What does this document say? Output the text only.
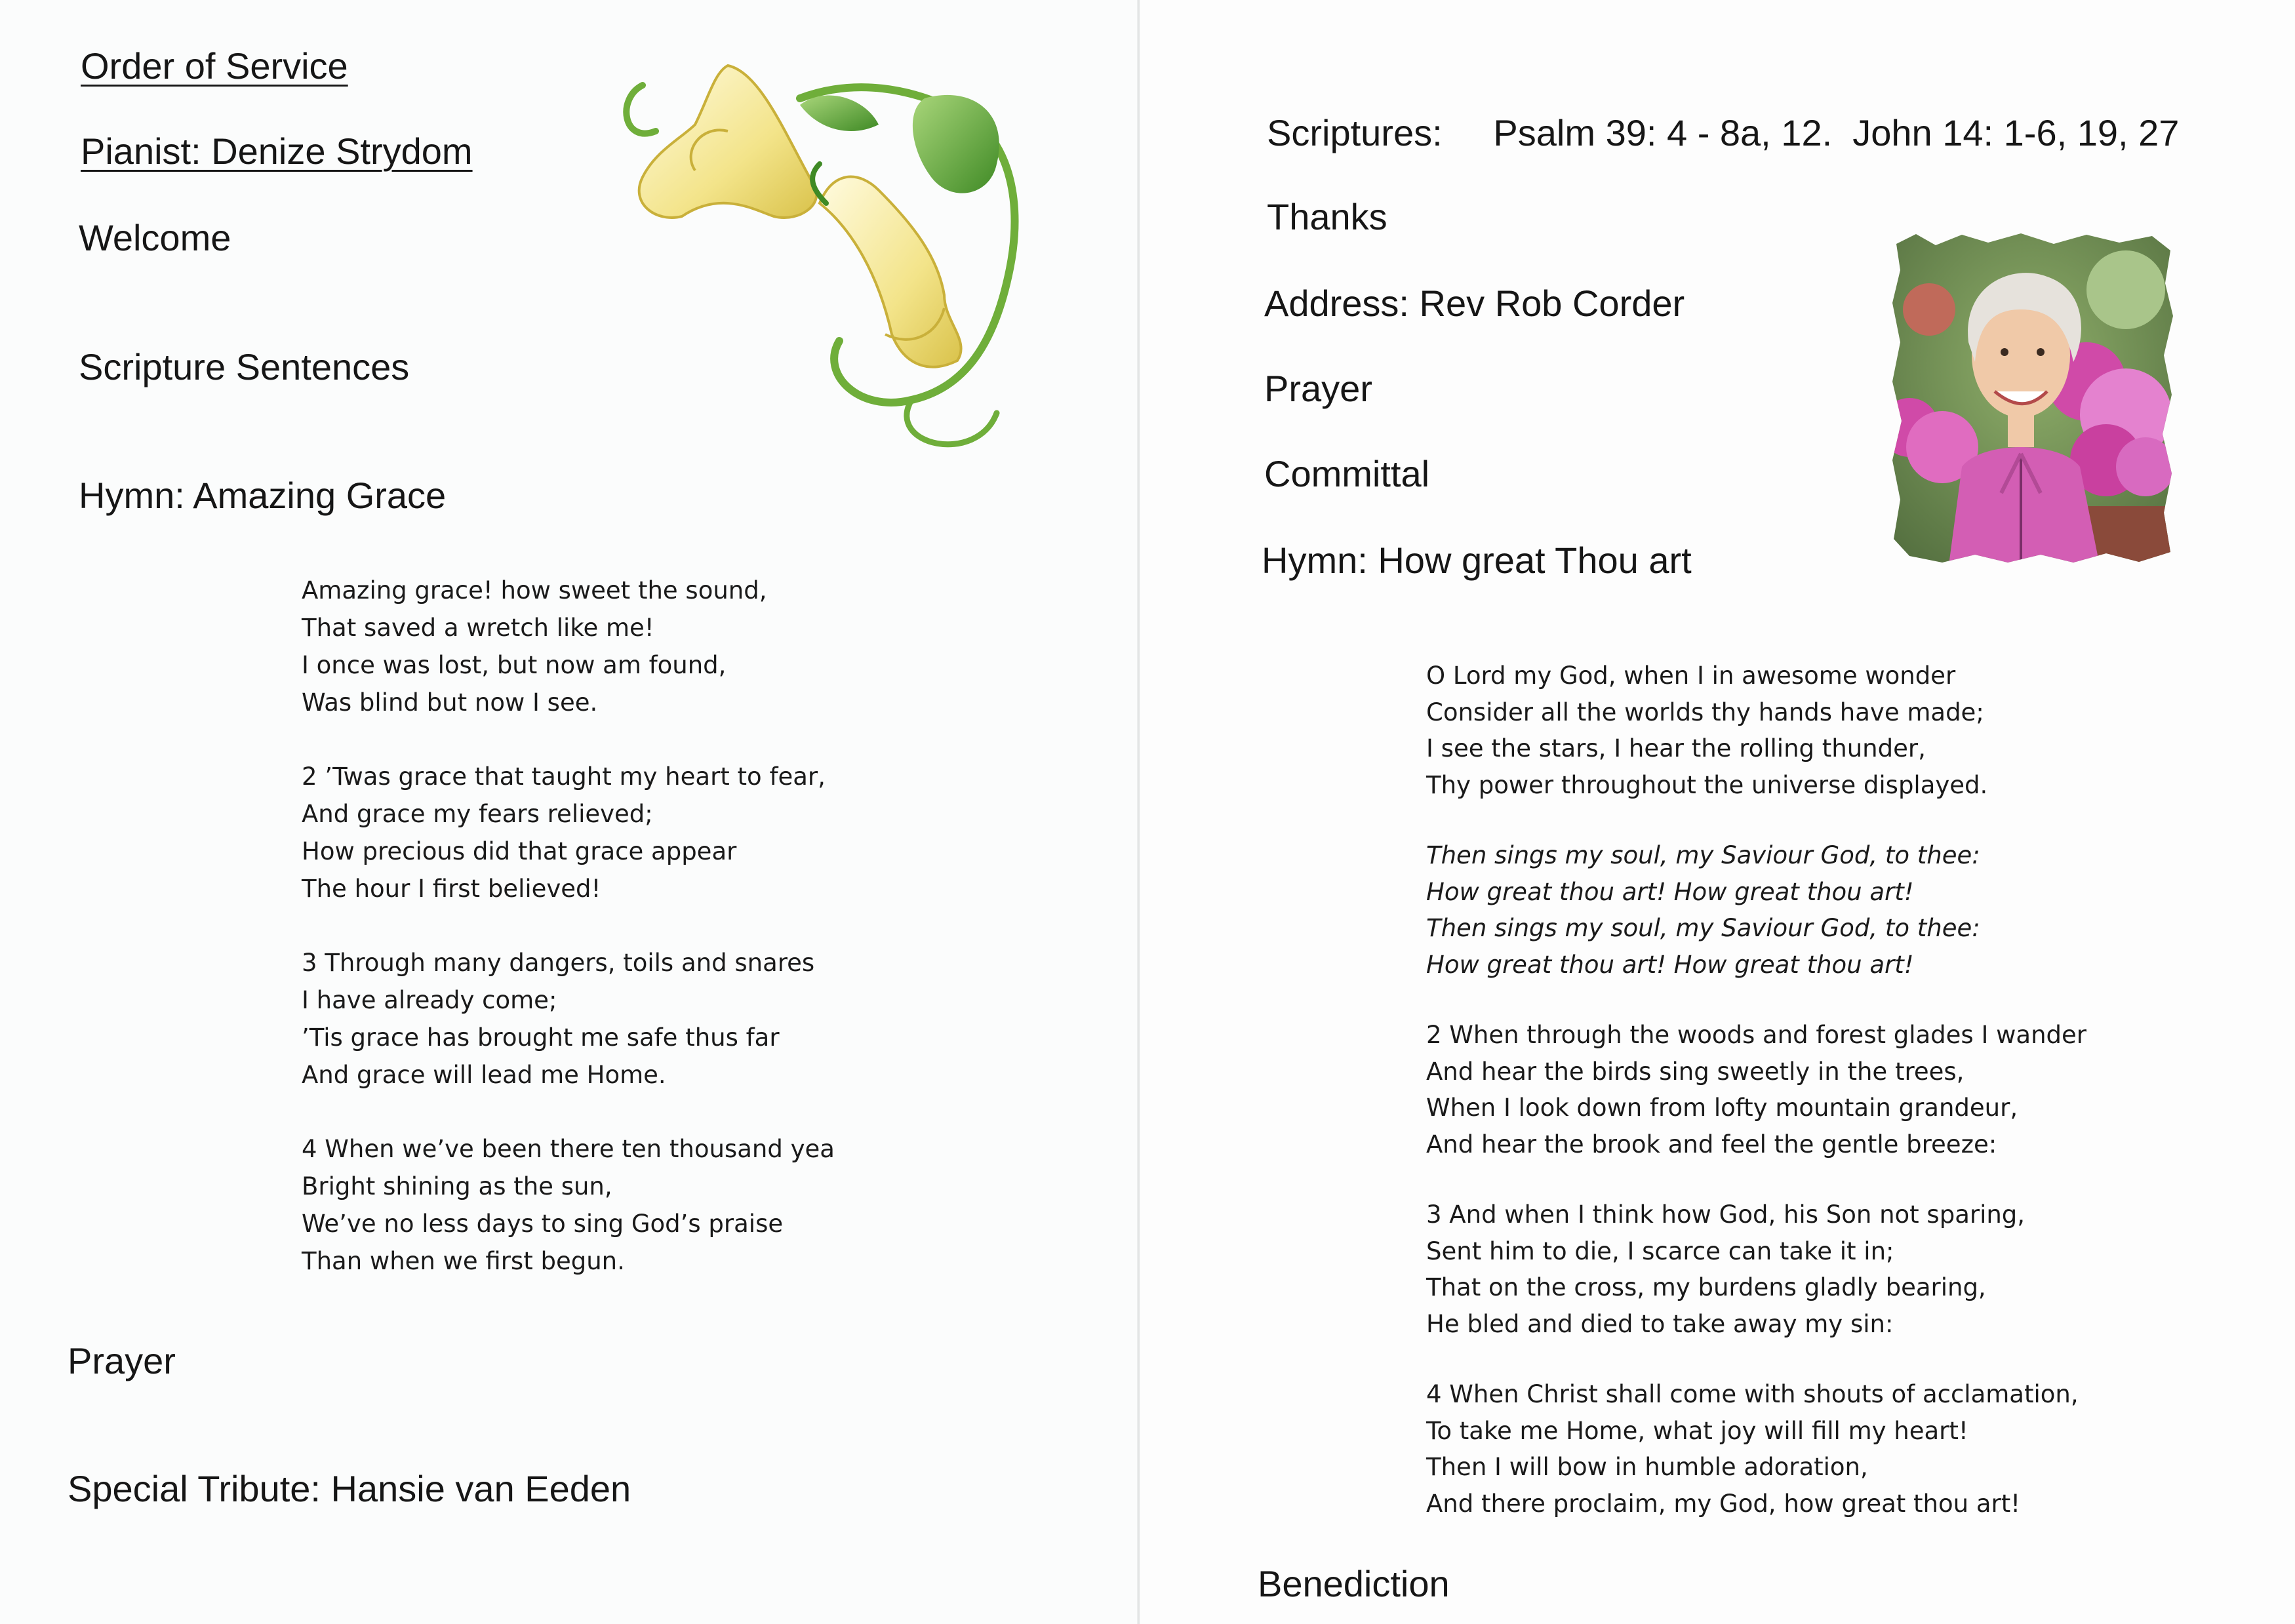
Order of Service
Pianist: Denize Strydom
Welcome
Scripture Sentences
Hymn: Amazing Grace
Amazing grace! how sweet the sound,
That saved a wretch like me!
I once was lost, but now am found,
Was blind but now I see.
2 ’Twas grace that taught my heart to fear,
And grace my fears relieved;
How precious did that grace appear
The hour I first believed!
3 Through many dangers, toils and snares
I have already come;
’Tis grace has brought me safe thus far
And grace will lead me Home.
4 When we’ve been there ten thousand yea
Bright shining as the sun,
We’ve no less days to sing God’s praise
Than when we first begun.
Prayer
Special Tribute: Hansie van Eeden
Scriptures:     Psalm 39: 4 - 8a, 12.  John 14: 1-6, 19, 27
Thanks
Address: Rev Rob Corder
Prayer
Committal
Hymn: How great Thou art
O Lord my God, when I in awesome wonder
Consider all the worlds thy hands have made;
I see the stars, I hear the rolling thunder,
Thy power throughout the universe displayed.
Then sings my soul, my Saviour God, to thee:
How great thou art! How great thou art!
Then sings my soul, my Saviour God, to thee:
How great thou art! How great thou art!
2 When through the woods and forest glades I wander
And hear the birds sing sweetly in the trees,
When I look down from lofty mountain grandeur,
And hear the brook and feel the gentle breeze:
3 And when I think how God, his Son not sparing,
Sent him to die, I scarce can take it in;
That on the cross, my burdens gladly bearing,
He bled and died to take away my sin:
4 When Christ shall come with shouts of acclamation,
To take me Home, what joy will fill my heart!
Then I will bow in humble adoration,
And there proclaim, my God, how great thou art!
Benediction
